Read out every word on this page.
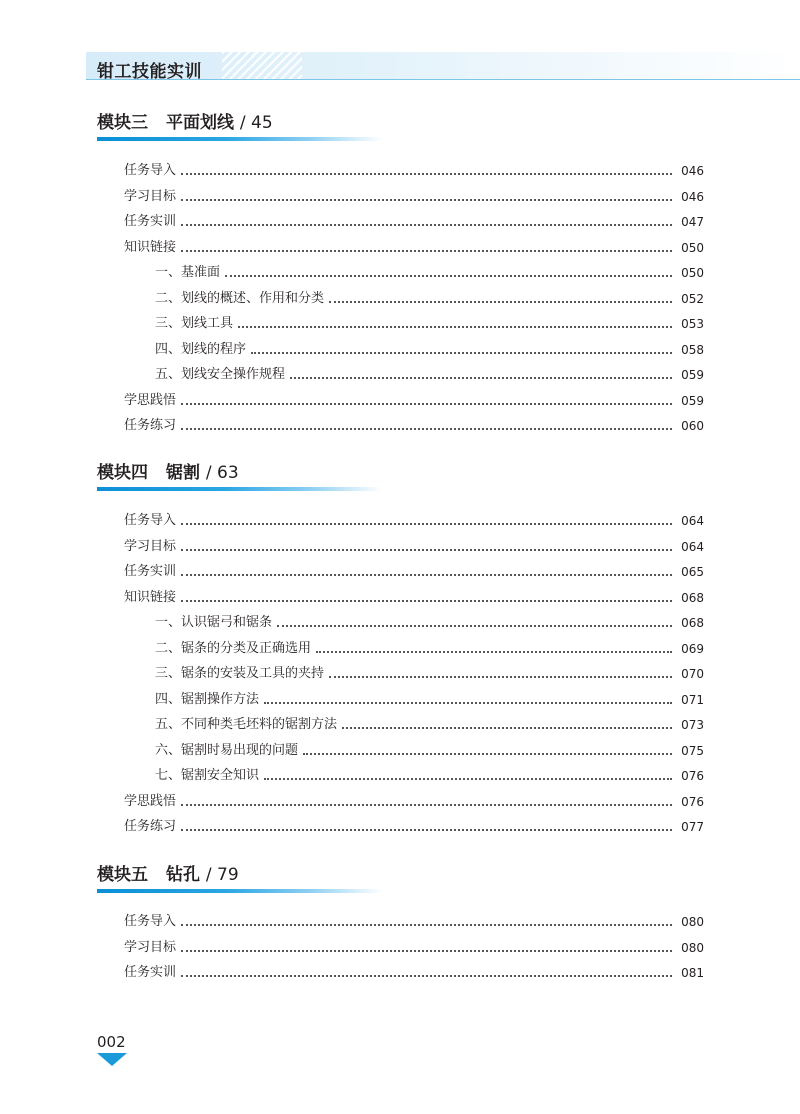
钳工技能实训
模块三 平面划线 / 45
模块四 锯割 / 63
模块五 钻孔 / 79
任务导入	046
学习目标	046
任务实训	047
知识链接	050
一、基准面	050
二、划线的概述、作用和分类	052
三、划线工具	053
四、划线的程序	058
五、划线安全操作规程	059
学思践悟	059
任务练习	060
任务导入	064
学习目标	064
任务实训	065
知识链接	068
一、认识锯弓和锯条	068
二、锯条的分类及正确选用	069
三、锯条的安装及工具的夹持	070
四、锯割操作方法	071
五、不同种类毛坯料的锯割方法	073
六、锯割时易出现的问题	075
七、锯割安全知识	076
学思践悟	076
任务练习	077
任务导入	080
学习目标	080
任务实训	081
002
